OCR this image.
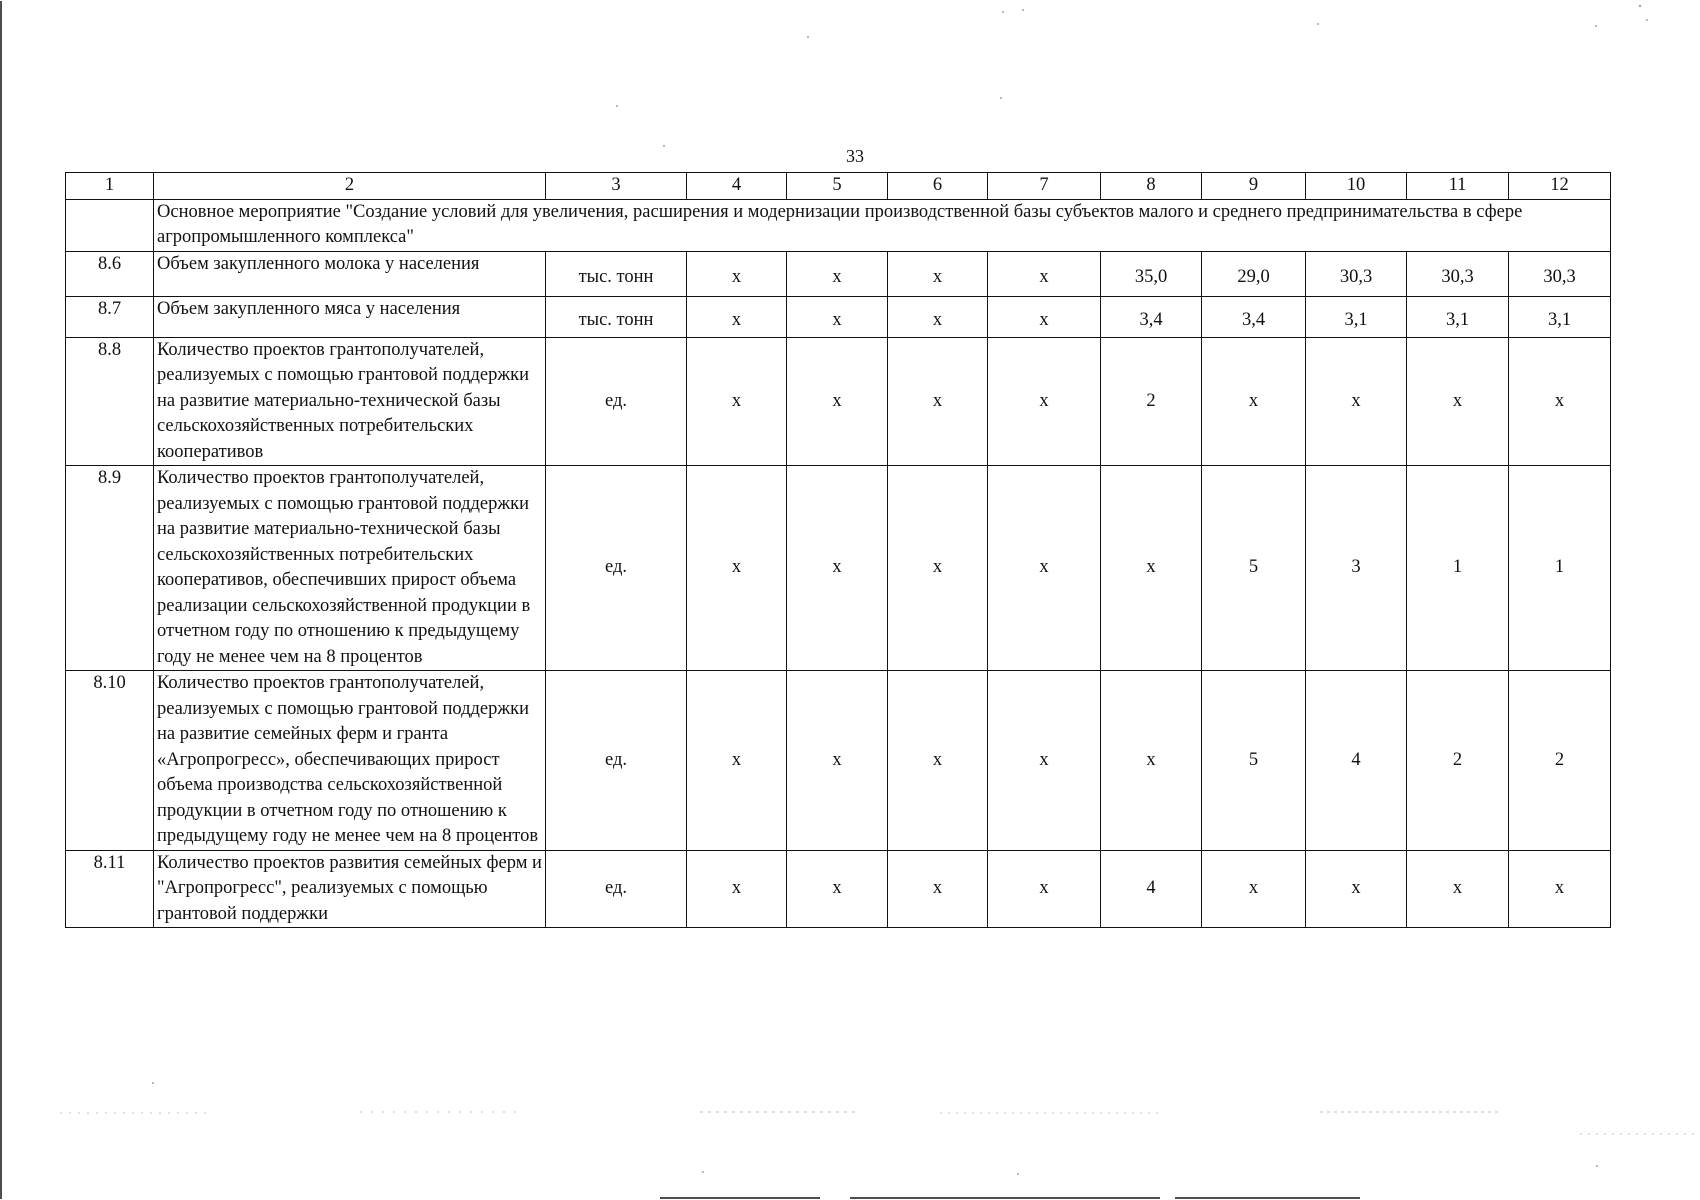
33
1	2	3	4	5	6	7	8	9	10	11	12
	Основное мероприятие "Создание условий для увеличения, расширения и модернизации производственной базы субъектов малого и среднего предпринимательства в сфере агропромышленного комплекса"										
8.6	Объем закупленного молока у населения	тыс. тонн	х	х	х	х	35,0	29,0	30,3	30,3	30,3
8.7	Объем закупленного мяса у населения	тыс. тонн	х	х	х	х	3,4	3,4	3,1	3,1	3,1
8.8	Количество проектов грантополучателей, реализуемых с помощью грантовой поддержки на развитие материально-технической базы сельскохозяйственных потребительских кооперативов	ед.	х	х	х	х	2	х	х	х	х
8.9	Количество проектов грантополучателей, реализуемых с помощью грантовой поддержки на развитие материально-технической базы сельскохозяйственных потребительских кооперативов, обеспечивших прирост объема реализации сельскохозяйственной продукции в отчетном году по отношению к предыдущему году не менее чем на 8 процентов	ед.	х	х	х	х	х	5	3	1	1
8.10	Количество проектов грантополучателей, реализуемых с помощью грантовой поддержки на развитие семейных ферм и гранта «Агропрогресс», обеспечивающих прирост объема производства сельскохозяйственной продукции в отчетном году по отношению к предыдущему году не менее чем на 8 процентов	ед.	х	х	х	х	х	5	4	2	2
8.11	Количество проектов развития семейных ферм и "Агропрогресс", реализуемых с помощью грантовой поддержки	ед.	х	х	х	х	4	х	х	х	х
